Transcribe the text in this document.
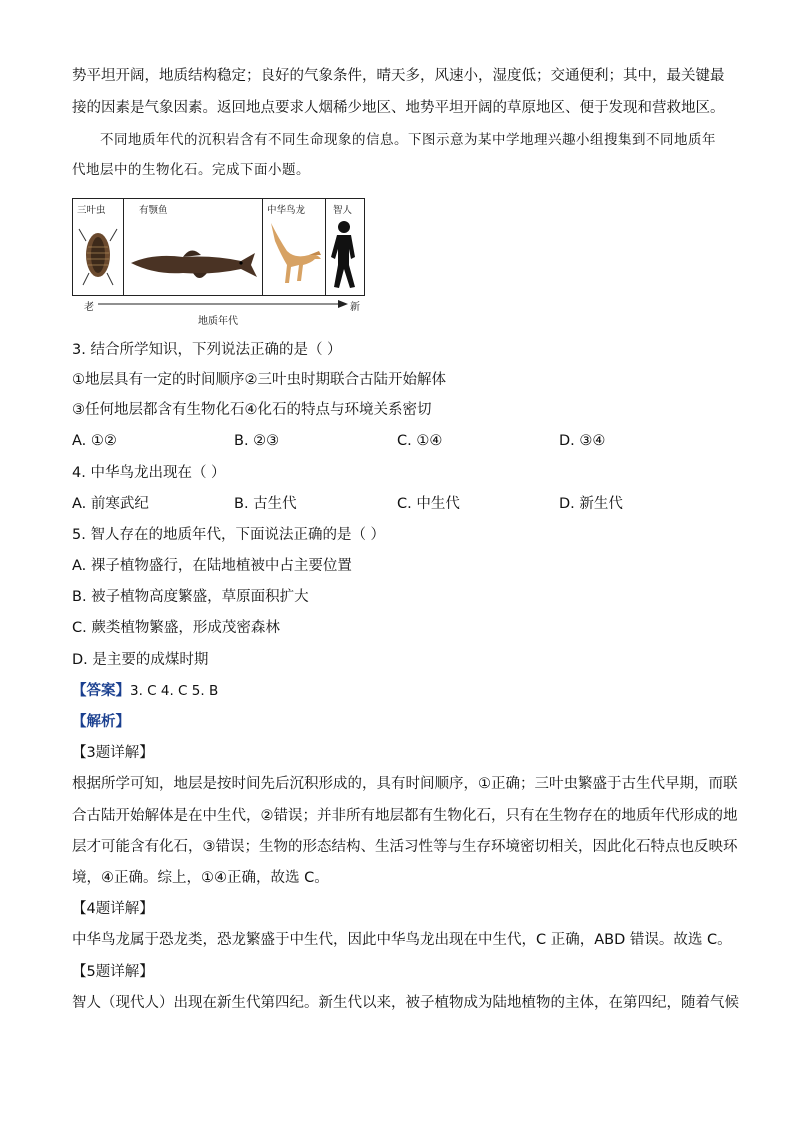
势平坦开阔，地质结构稳定；良好的气象条件，晴天多，风速小，湿度低；交通便利；其中，最关键最
接的因素是气象因素。返回地点要求人烟稀少地区、地势平坦开阔的草原地区、便于发现和营救地区。
不同地质年代的沉积岩含有不同生命现象的信息。下图示意为某中学地理兴趣小组搜集到不同地质年
代地层中的生物化石。完成下面小题。
三叶虫	有颚鱼	中华鸟龙	智人
老	新
地质年代
3. 结合所学知识，下列说法正确的是（ ）
①地层具有一定的时间顺序②三叶虫时期联合古陆开始解体
③任何地层都含有生物化石④化石的特点与环境关系密切
A. ①②	B. ②③	C. ①④	D. ③④
4. 中华鸟龙出现在（ ）
A. 前寒武纪	B. 古生代	C. 中生代	D. 新生代
5. 智人存在的地质年代，下面说法正确的是（ ）
A. 裸子植物盛行，在陆地植被中占主要位置
B. 被子植物高度繁盛，草原面积扩大
C. 蕨类植物繁盛，形成茂密森林
D. 是主要的成煤时期
【答案】3. C 4. C 5. B
【解析】
【3题详解】
根据所学可知，地层是按时间先后沉积形成的，具有时间顺序，①正确；三叶虫繁盛于古生代早期，而联
合古陆开始解体是在中生代，②错误；并非所有地层都有生物化石，只有在生物存在的地质年代形成的地
层才可能含有化石，③错误；生物的形态结构、生活习性等与生存环境密切相关，因此化石特点也反映环
境，④正确。综上，①④正确，故选 C。
【4题详解】
中华鸟龙属于恐龙类，恐龙繁盛于中生代，因此中华鸟龙出现在中生代，C 正确，ABD 错误。故选 C。
【5题详解】
智人（现代人）出现在新生代第四纪。新生代以来，被子植物成为陆地植物的主体，在第四纪，随着气候
